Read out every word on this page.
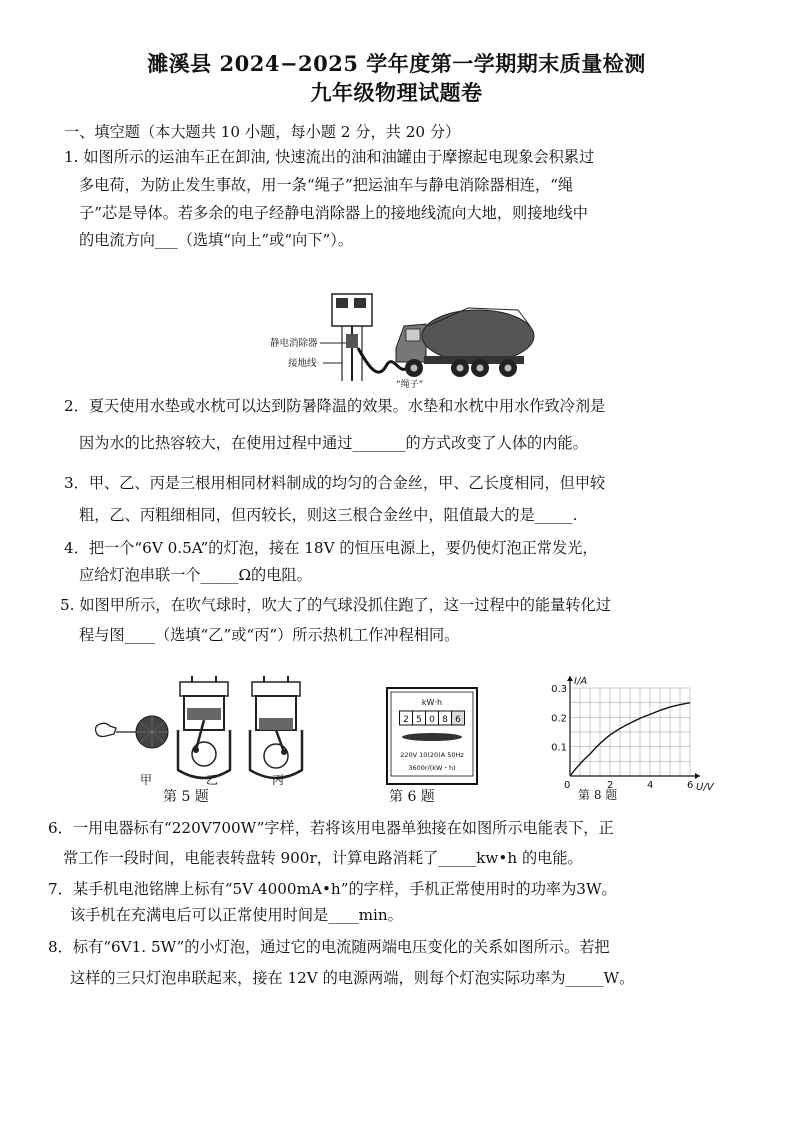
濉溪县 2024−2025 学年度第一学期期末质量检测
九年级物理试题卷
一、填空题（本大题共 10 小题，每小题 2 分，共 20 分）
1. 如图所示的运油车正在卸油, 快速流出的油和油罐由于摩擦起电现象会积累过
多电荷，为防止发生事故，用一条“绳子”把运油车与静电消除器相连，“绳
子”芯是导体。若多余的电子经静电消除器上的接地线流向大地，则接地线中
的电流方向___（选填“向上”或“向下”）。
静电消除器
接地线
“绳子”
2．夏天使用水垫或水枕可以达到防暑降温的效果。水垫和水枕中用水作致冷剂是
因为水的比热容较大，在使用过程中通过_______的方式改变了人体的内能。
3．甲、乙、丙是三根用相同材料制成的均匀的合金丝，甲、乙长度相同，但甲较
粗，乙、丙粗细相同，但丙较长，则这三根合金丝中，阻值最大的是_____.
4．把一个“6V 0.5A”的灯泡，接在 18V 的恒压电源上，要仍使灯泡正常发光，
应给灯泡串联一个_____Ω的电阻。
5. 如图甲所示，在吹气球时，吹大了的气球没抓住跑了，这一过程中的能量转化过
程与图____（选填“乙”或“丙”）所示热机工作冲程相同。
甲	乙	丙
第 5 题
kW·h
2 5 0 8 6
220V 10(20)A 50Hz
3600r/(kW・h)
第 6 题
0	2	4	6
0.1
0.2
0.3
I/A
U/V
第 8 题
6．一用电器标有“220V700W”字样，若将该用电器单独接在如图所示电能表下，正
常工作一段时间，电能表转盘转 900r，计算电路消耗了_____kw•h 的电能。
7．某手机电池铭牌上标有“5V 4000mA•h”的字样，手机正常使用时的功率为3W。
该手机在充满电后可以正常使用时间是____min。
8．标有“6V1. 5W”的小灯泡，通过它的电流随两端电压变化的关系如图所示。若把
这样的三只灯泡串联起来，接在 12V 的电源两端，则每个灯泡实际功率为_____W。
